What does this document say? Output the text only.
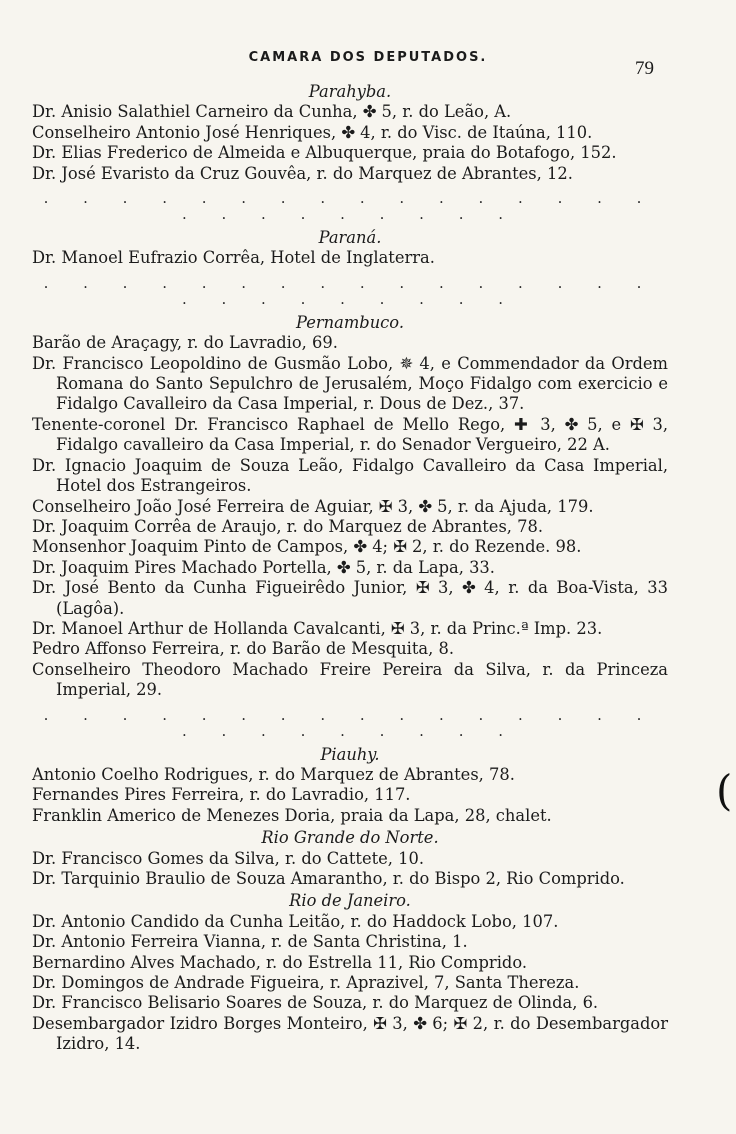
CAMARA DOS DEPUTADOS.
79
Parahyba.
Dr. Anisio Salathiel Carneiro da Cunha, ✤ 5, r. do Leão, A.
Conselheiro Antonio José Henriques, ✤ 4, r. do Visc. de Itaúna, 110.
Dr. Elias Frederico de Almeida e Albuquerque, praia do Botafogo, 152.
Dr. José Evaristo da Cruz Gouvêa, r. do Marquez de Abrantes, 12.
. . . . . . . . . . . . . . . . . . . . . . . . .
Paraná.
Dr. Manoel Eufrazio Corrêa, Hotel de Inglaterra.
. . . . . . . . . . . . . . . . . . . . . . . . .
Pernambuco.
Barão de Araçagy, r. do Lavradio, 69.
Dr. Francisco Leopoldino de Gusmão Lobo, ✵ 4, e Commendador da Ordem Romana do Santo Sepulchro de Jerusalém, Moço Fidalgo com exercicio e Fidalgo Cavalleiro da Casa Imperial, r. Dous de Dez., 37.
Tenente-coronel Dr. Francisco Raphael de Mello Rego, ✚ 3, ✤ 5, e ✠ 3, Fidalgo cavalleiro da Casa Imperial, r. do Senador Vergueiro, 22 A.
Dr. Ignacio Joaquim de Souza Leão, Fidalgo Cavalleiro da Casa Imperial, Hotel dos Estrangeiros.
Conselheiro João José Ferreira de Aguiar, ✠ 3, ✤ 5, r. da Ajuda, 179.
Dr. Joaquim Corrêa de Araujo, r. do Marquez de Abrantes, 78.
Monsenhor Joaquim Pinto de Campos, ✤ 4; ✠ 2, r. do Rezende. 98.
Dr. Joaquim Pires Machado Portella, ✤ 5, r. da Lapa, 33.
Dr. José Bento da Cunha Figueirêdo Junior, ✠ 3, ✤ 4, r. da Boa-Vista, 33 (Lagôa).
Dr. Manoel Arthur de Hollanda Cavalcanti, ✠ 3, r. da Princ.ª Imp. 23.
Pedro Affonso Ferreira, r. do Barão de Mesquita, 8.
Conselheiro Theodoro Machado Freire Pereira da Silva, r. da Princeza Imperial, 29.
. . . . . . . . . . . . . . . . . . . . . . . . .
Piauhy.
Antonio Coelho Rodrigues, r. do Marquez de Abrantes, 78.
Fernandes Pires Ferreira, r. do Lavradio, 117.
Franklin Americo de Menezes Doria, praia da Lapa, 28, chalet.
Rio Grande do Norte.
Dr. Francisco Gomes da Silva, r. do Cattete, 10.
Dr. Tarquinio Braulio de Souza Amarantho, r. do Bispo 2, Rio Comprido.
Rio de Janeiro.
Dr. Antonio Candido da Cunha Leitão, r. do Haddock Lobo, 107.
Dr. Antonio Ferreira Vianna, r. de Santa Christina, 1.
Bernardino Alves Machado, r. do Estrella 11, Rio Comprido.
Dr. Domingos de Andrade Figueira, r. Aprazivel, 7, Santa Thereza.
Dr. Francisco Belisario Soares de Souza, r. do Marquez de Olinda, 6.
Desembargador Izidro Borges Monteiro, ✠ 3, ✤ 6; ✠ 2, r. do Desembargador Izidro, 14.
(
